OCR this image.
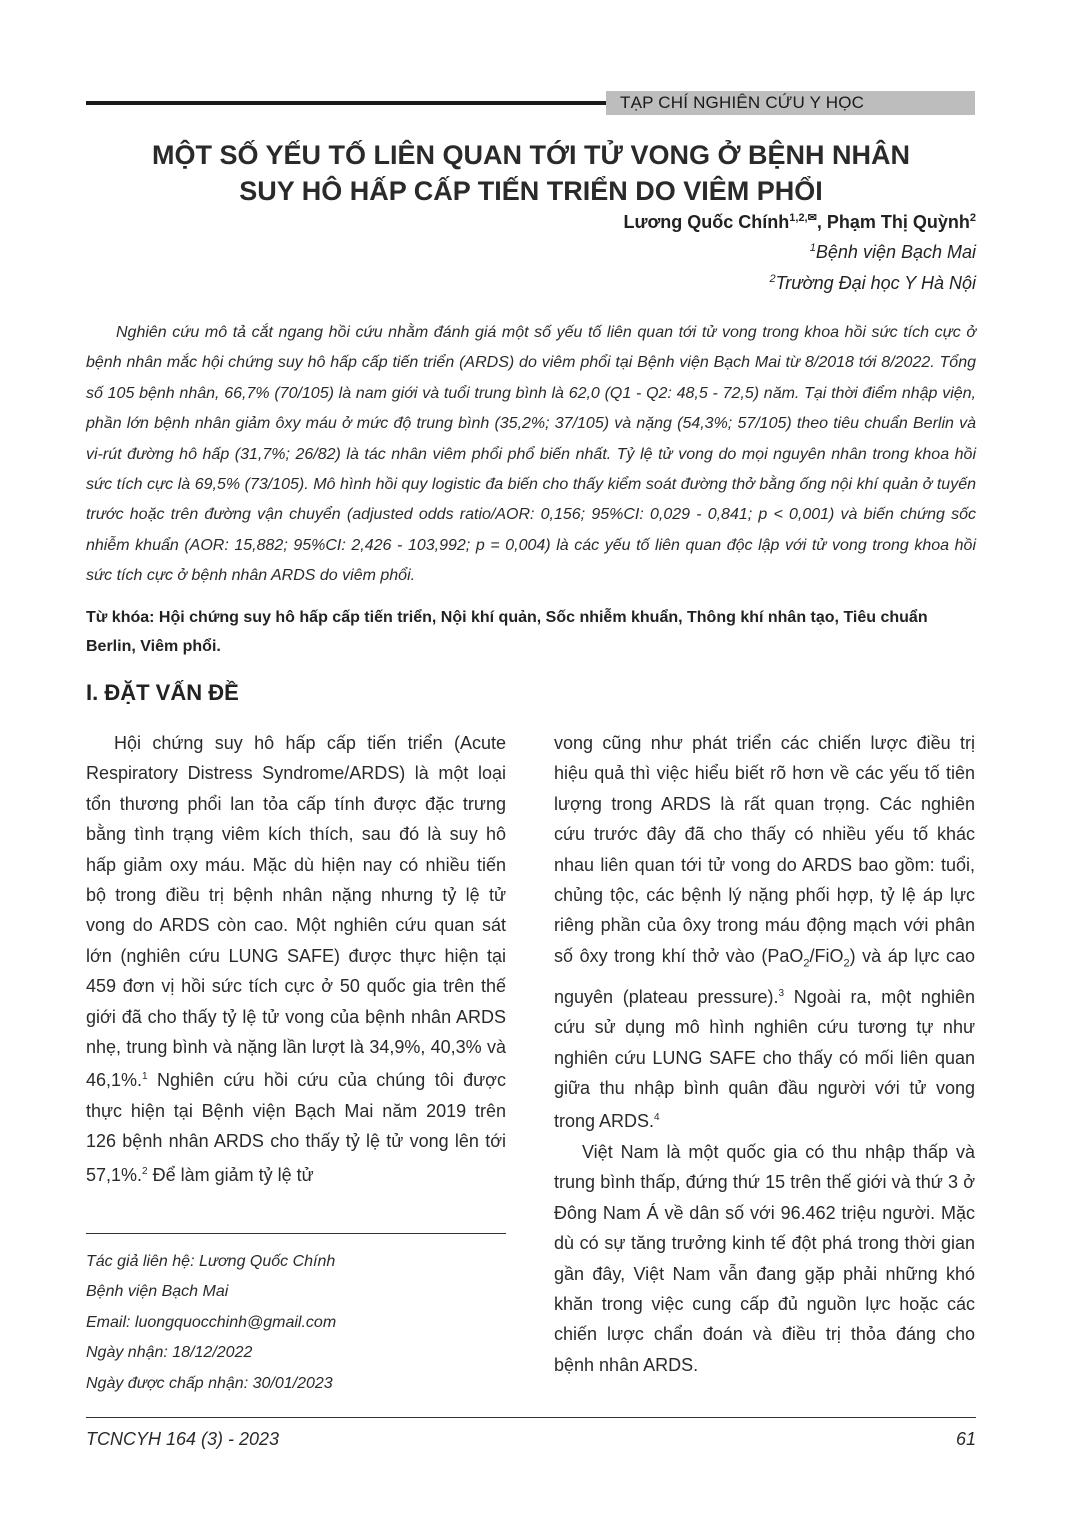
TẠP CHÍ NGHIÊN CỨU Y HỌC
MỘT SỐ YẾU TỐ LIÊN QUAN TỚI TỬ VONG Ở BỆNH NHÂN
SUY HÔ HẤP CẤP TIẾN TRIỂN DO VIÊM PHỔI
Lương Quốc Chính$^{1,2,✉}$, Phạm Thị Quỳnh$^2$
$^1$Bệnh viện Bạch Mai
$^2$Trường Đại học Y Hà Nội

Nghiên cứu mô tả cắt ngang hồi cứu nhằm đánh giá một số yếu tố liên quan tới tử vong trong khoa hồi sức tích cực ở bệnh nhân mắc hội chứng suy hô hấp cấp tiến triển (ARDS) do viêm phổi tại Bệnh viện Bạch Mai từ 8/2018 tới 8/2022. Tổng số 105 bệnh nhân, 66,7% (70/105) là nam giới và tuổi trung bình là 62,0 (Q1 - Q2: 48,5 - 72,5) năm. Tại thời điểm nhập viện, phần lớn bệnh nhân giảm ôxy máu ở mức độ trung bình (35,2%; 37/105) và nặng (54,3%; 57/105) theo tiêu chuẩn Berlin và vi-rút đường hô hấp (31,7%; 26/82) là tác nhân viêm phổi phổ biến nhất. Tỷ lệ tử vong do mọi nguyên nhân trong khoa hồi sức tích cực là 69,5% (73/105). Mô hình hồi quy logistic đa biến cho thấy kiểm soát đường thở bằng ống nội khí quản ở tuyến trước hoặc trên đường vận chuyển (adjusted odds ratio/AOR: 0,156; 95%CI: 0,029 - 0,841; p < 0,001) và biến chứng sốc nhiễm khuẩn (AOR: 15,882; 95%CI: 2,426 - 103,992; p = 0,004) là các yếu tố liên quan độc lập với tử vong trong khoa hồi sức tích cực ở bệnh nhân ARDS do viêm phổi.

Từ khóa: Hội chứng suy hô hấp cấp tiến triển, Nội khí quản, Sốc nhiễm khuẩn, Thông khí nhân tạo, Tiêu chuẩn Berlin, Viêm phổi.

I. ĐẶT VẤN ĐỀ

Hội chứng suy hô hấp cấp tiến triển (Acute Respiratory Distress Syndrome/ARDS) là một loại tổn thương phổi lan tỏa cấp tính được đặc trưng bằng tình trạng viêm kích thích, sau đó là suy hô hấp giảm oxy máu. Mặc dù hiện nay có nhiều tiến bộ trong điều trị bệnh nhân nặng nhưng tỷ lệ tử vong do ARDS còn cao. Một nghiên cứu quan sát lớn (nghiên cứu LUNG SAFE) được thực hiện tại 459 đơn vị hồi sức tích cực ở 50 quốc gia trên thế giới đã cho thấy tỷ lệ tử vong của bệnh nhân ARDS nhẹ, trung bình và nặng lần lượt là 34,9%, 40,3% và 46,1%.$^1$ Nghiên cứu hồi cứu của chúng tôi được thực hiện tại Bệnh viện Bạch Mai năm 2019 trên 126 bệnh nhân ARDS cho thấy tỷ lệ tử vong lên tới 57,1%.$^2$ Để làm giảm tỷ lệ tử

Tác giả liên hệ: Lương Quốc Chính
Bệnh viện Bạch Mai
Email: luongquocchinh@gmail.com
Ngày nhận: 18/12/2022
Ngày được chấp nhận: 30/01/2023

vong cũng như phát triển các chiến lược điều trị hiệu quả thì việc hiểu biết rõ hơn về các yếu tố tiên lượng trong ARDS là rất quan trọng. Các nghiên cứu trước đây đã cho thấy có nhiều yếu tố khác nhau liên quan tới tử vong do ARDS bao gồm: tuổi, chủng tộc, các bệnh lý nặng phối hợp, tỷ lệ áp lực riêng phần của ôxy trong máu động mạch với phân số ôxy trong khí thở vào (PaO$_2$/FiO$_2$) và áp lực cao nguyên (plateau pressure).$^3$ Ngoài ra, một nghiên cứu sử dụng mô hình nghiên cứu tương tự như nghiên cứu LUNG SAFE cho thấy có mối liên quan giữa thu nhập bình quân đầu người với tử vong trong ARDS.$^4$

Việt Nam là một quốc gia có thu nhập thấp và trung bình thấp, đứng thứ 15 trên thế giới và thứ 3 ở Đông Nam Á về dân số với 96.462 triệu người. Mặc dù có sự tăng trưởng kinh tế đột phá trong thời gian gần đây, Việt Nam vẫn đang gặp phải những khó khăn trong việc cung cấp đủ nguồn lực hoặc các chiến lược chẩn đoán và điều trị thỏa đáng cho bệnh nhân ARDS.

TCNCYH 164 (3) - 2023	61
